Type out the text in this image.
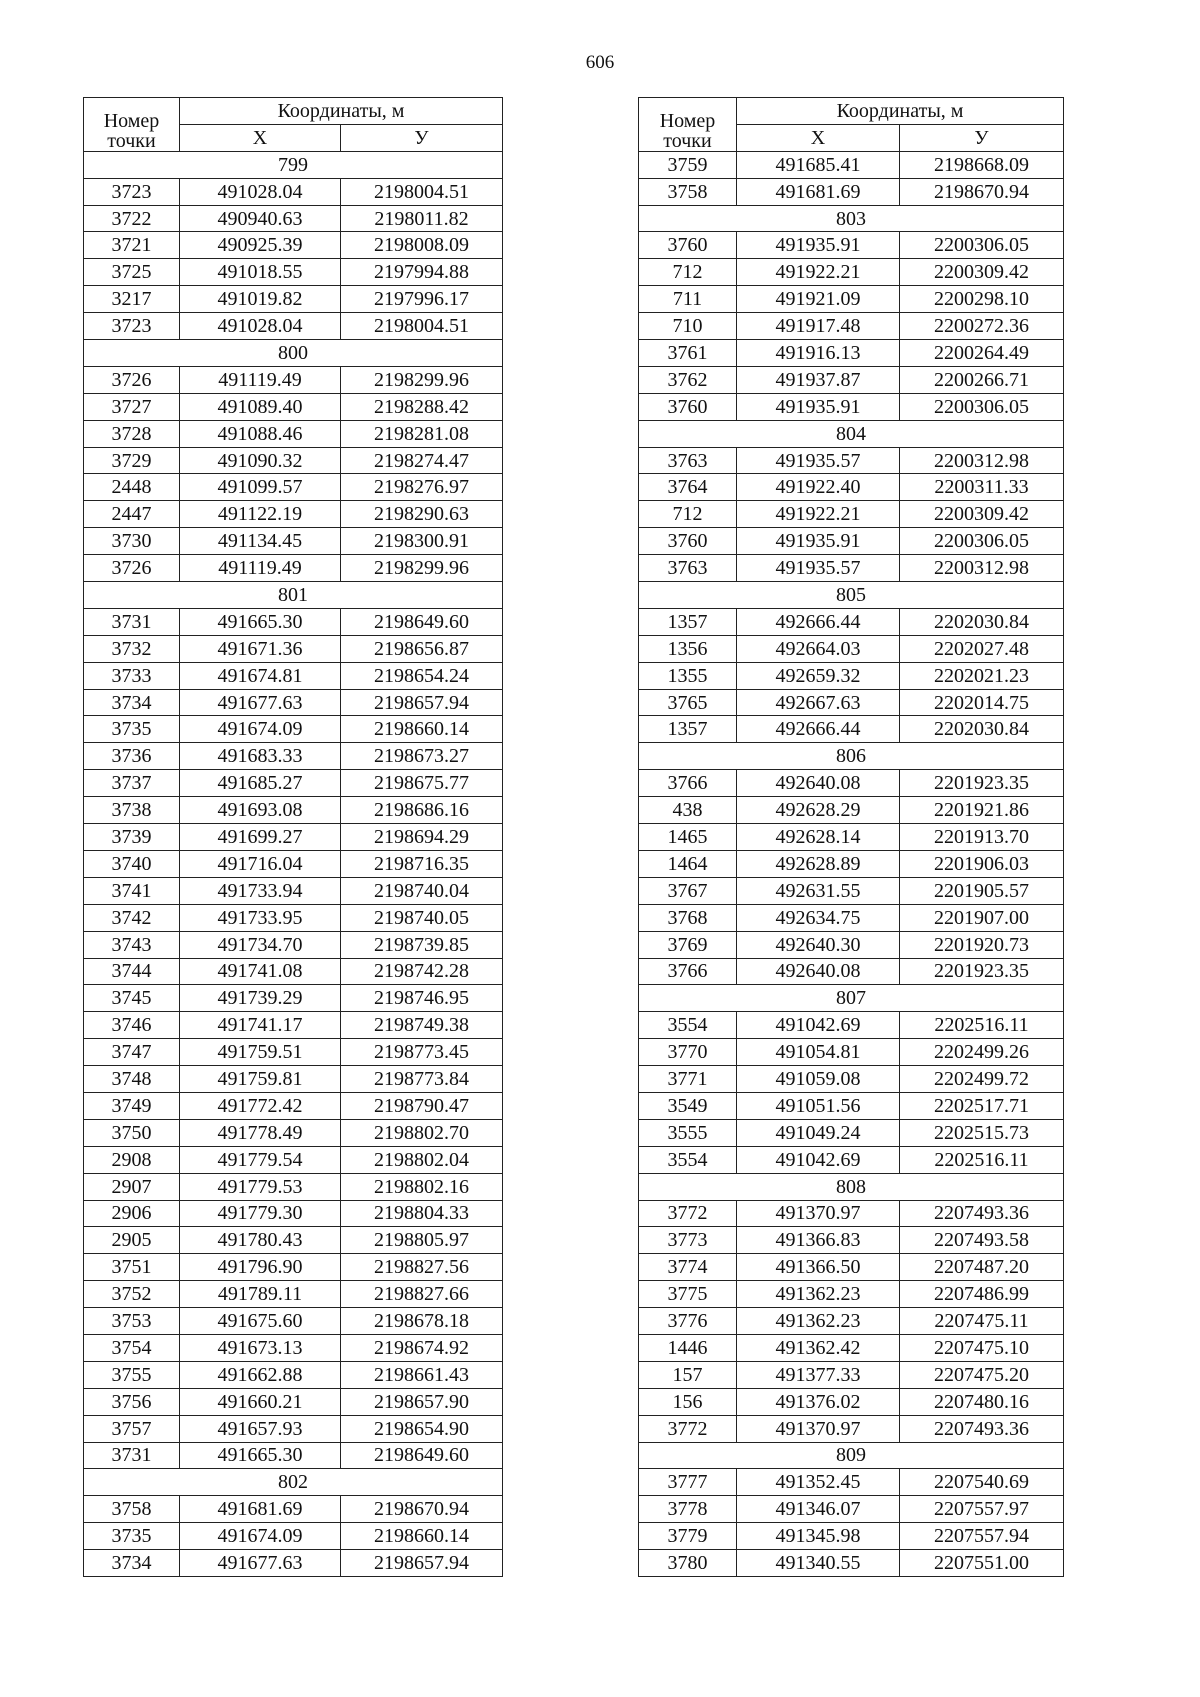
606
Номер
точки	Координаты, м	
	Х	У
799		
3723	491028.04	2198004.51
3722	490940.63	2198011.82
3721	490925.39	2198008.09
3725	491018.55	2197994.88
3217	491019.82	2197996.17
3723	491028.04	2198004.51
800		
3726	491119.49	2198299.96
3727	491089.40	2198288.42
3728	491088.46	2198281.08
3729	491090.32	2198274.47
2448	491099.57	2198276.97
2447	491122.19	2198290.63
3730	491134.45	2198300.91
3726	491119.49	2198299.96
801		
3731	491665.30	2198649.60
3732	491671.36	2198656.87
3733	491674.81	2198654.24
3734	491677.63	2198657.94
3735	491674.09	2198660.14
3736	491683.33	2198673.27
3737	491685.27	2198675.77
3738	491693.08	2198686.16
3739	491699.27	2198694.29
3740	491716.04	2198716.35
3741	491733.94	2198740.04
3742	491733.95	2198740.05
3743	491734.70	2198739.85
3744	491741.08	2198742.28
3745	491739.29	2198746.95
3746	491741.17	2198749.38
3747	491759.51	2198773.45
3748	491759.81	2198773.84
3749	491772.42	2198790.47
3750	491778.49	2198802.70
2908	491779.54	2198802.04
2907	491779.53	2198802.16
2906	491779.30	2198804.33
2905	491780.43	2198805.97
3751	491796.90	2198827.56
3752	491789.11	2198827.66
3753	491675.60	2198678.18
3754	491673.13	2198674.92
3755	491662.88	2198661.43
3756	491660.21	2198657.90
3757	491657.93	2198654.90
3731	491665.30	2198649.60
802		
3758	491681.69	2198670.94
3735	491674.09	2198660.14
3734	491677.63	2198657.94
Номер
точки	Координаты, м	
	Х	У
3759	491685.41	2198668.09
3758	491681.69	2198670.94
803		
3760	491935.91	2200306.05
712	491922.21	2200309.42
711	491921.09	2200298.10
710	491917.48	2200272.36
3761	491916.13	2200264.49
3762	491937.87	2200266.71
3760	491935.91	2200306.05
804		
3763	491935.57	2200312.98
3764	491922.40	2200311.33
712	491922.21	2200309.42
3760	491935.91	2200306.05
3763	491935.57	2200312.98
805		
1357	492666.44	2202030.84
1356	492664.03	2202027.48
1355	492659.32	2202021.23
3765	492667.63	2202014.75
1357	492666.44	2202030.84
806		
3766	492640.08	2201923.35
438	492628.29	2201921.86
1465	492628.14	2201913.70
1464	492628.89	2201906.03
3767	492631.55	2201905.57
3768	492634.75	2201907.00
3769	492640.30	2201920.73
3766	492640.08	2201923.35
807		
3554	491042.69	2202516.11
3770	491054.81	2202499.26
3771	491059.08	2202499.72
3549	491051.56	2202517.71
3555	491049.24	2202515.73
3554	491042.69	2202516.11
808		
3772	491370.97	2207493.36
3773	491366.83	2207493.58
3774	491366.50	2207487.20
3775	491362.23	2207486.99
3776	491362.23	2207475.11
1446	491362.42	2207475.10
157	491377.33	2207475.20
156	491376.02	2207480.16
3772	491370.97	2207493.36
809		
3777	491352.45	2207540.69
3778	491346.07	2207557.97
3779	491345.98	2207557.94
3780	491340.55	2207551.00
